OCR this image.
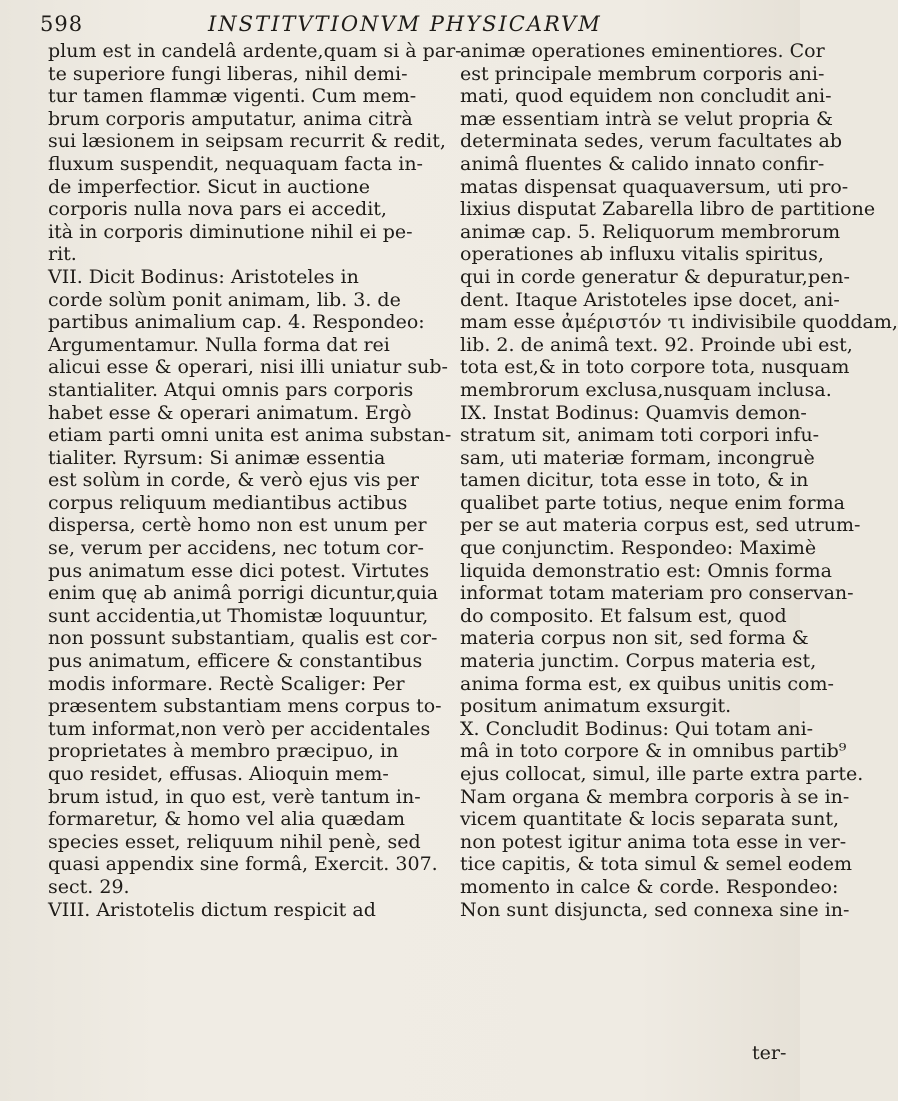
598	INSTITVTIONVM PHYSICARVM
plum est in candelâ ardente,quam si à par-
te superiore fungi liberas, nihil demi-
tur tamen flammæ vigenti. Cum mem-
brum corporis amputatur, anima citrà
sui læsionem in seipsam recurrit & redit,
fluxum suspendit, nequaquam facta in-
de imperfectior. Sicut in auctione
corporis nulla nova pars ei accedit,
ità in corporis diminutione nihil ei pe-
rit.
VII. Dicit Bodinus: Aristoteles in
corde solùm ponit animam, lib. 3. de
partibus animalium cap. 4. Respondeo:
Argumentamur. Nulla forma dat rei
alicui esse & operari, nisi illi uniatur sub-
stantialiter. Atqui omnis pars corporis
habet esse & operari animatum. Ergò
etiam parti omni unita est anima substan-
tialiter. Ryrsum: Si animæ essentia
est solùm in corde, & verò ejus vis per
corpus reliquum mediantibus actibus
dispersa, certè homo non est unum per
se, verum per accidens, nec totum cor-
pus animatum esse dici potest. Virtutes
enim quę ab animâ porrigi dicuntur,quia
sunt accidentia,ut Thomistæ loquuntur,
non possunt substantiam, qualis est cor-
pus animatum, efficere & constantibus
modis informare. Rectè Scaliger: Per
præsentem substantiam mens corpus to-
tum informat,non verò per accidentales
proprietates à membro præcipuo, in
quo residet, effusas. Alioquin mem-
brum istud, in quo est, verè tantum in-
formaretur, & homo vel alia quædam
species esset, reliquum nihil penè, sed
quasi appendix sine formâ, Exercit. 307.
sect. 29.
VIII. Aristotelis dictum respicit ad
animæ operationes eminentiores. Cor
est principale membrum corporis ani-
mati, quod equidem non concludit ani-
mæ essentiam intrà se velut propria &
determinata sedes, verum facultates ab
animâ fluentes & calido innato confir-
matas dispensat quaquaversum, uti pro-
lixius disputat Zabarella libro de partitione
animæ cap. 5. Reliquorum membrorum
operationes ab influxu vitalis spiritus,
qui in corde generatur & depuratur,pen-
dent. Itaque Aristoteles ipse docet, ani-
mam esse ἀμέριστόν τι indivisibile quoddam,
lib. 2. de animâ text. 92. Proinde ubi est,
tota est,& in toto corpore tota, nusquam
membrorum exclusa,nusquam inclusa.
IX. Instat Bodinus: Quamvis demon-
stratum sit, animam toti corpori infu-
sam, uti materiæ formam, incongruè
tamen dicitur, tota esse in toto, & in
qualibet parte totius, neque enim forma
per se aut materia corpus est, sed utrum-
que conjunctim. Respondeo: Maximè
liquida demonstratio est: Omnis forma
informat totam materiam pro conservan-
do composito. Et falsum est, quod
materia corpus non sit, sed forma &
materia junctim. Corpus materia est,
anima forma est, ex quibus unitis com-
positum animatum exsurgit.
X. Concludit Bodinus: Qui totam ani-
mâ in toto corpore & in omnibus partib⁹
ejus collocat, simul, ille parte extra parte.
Nam organa & membra corporis à se in-
vicem quantitate & locis separata sunt,
non potest igitur anima tota esse in ver-
tice capitis, & tota simul & semel eodem
momento in calce & corde. Respondeo:
Non sunt disjuncta, sed connexa sine in-
ter-
